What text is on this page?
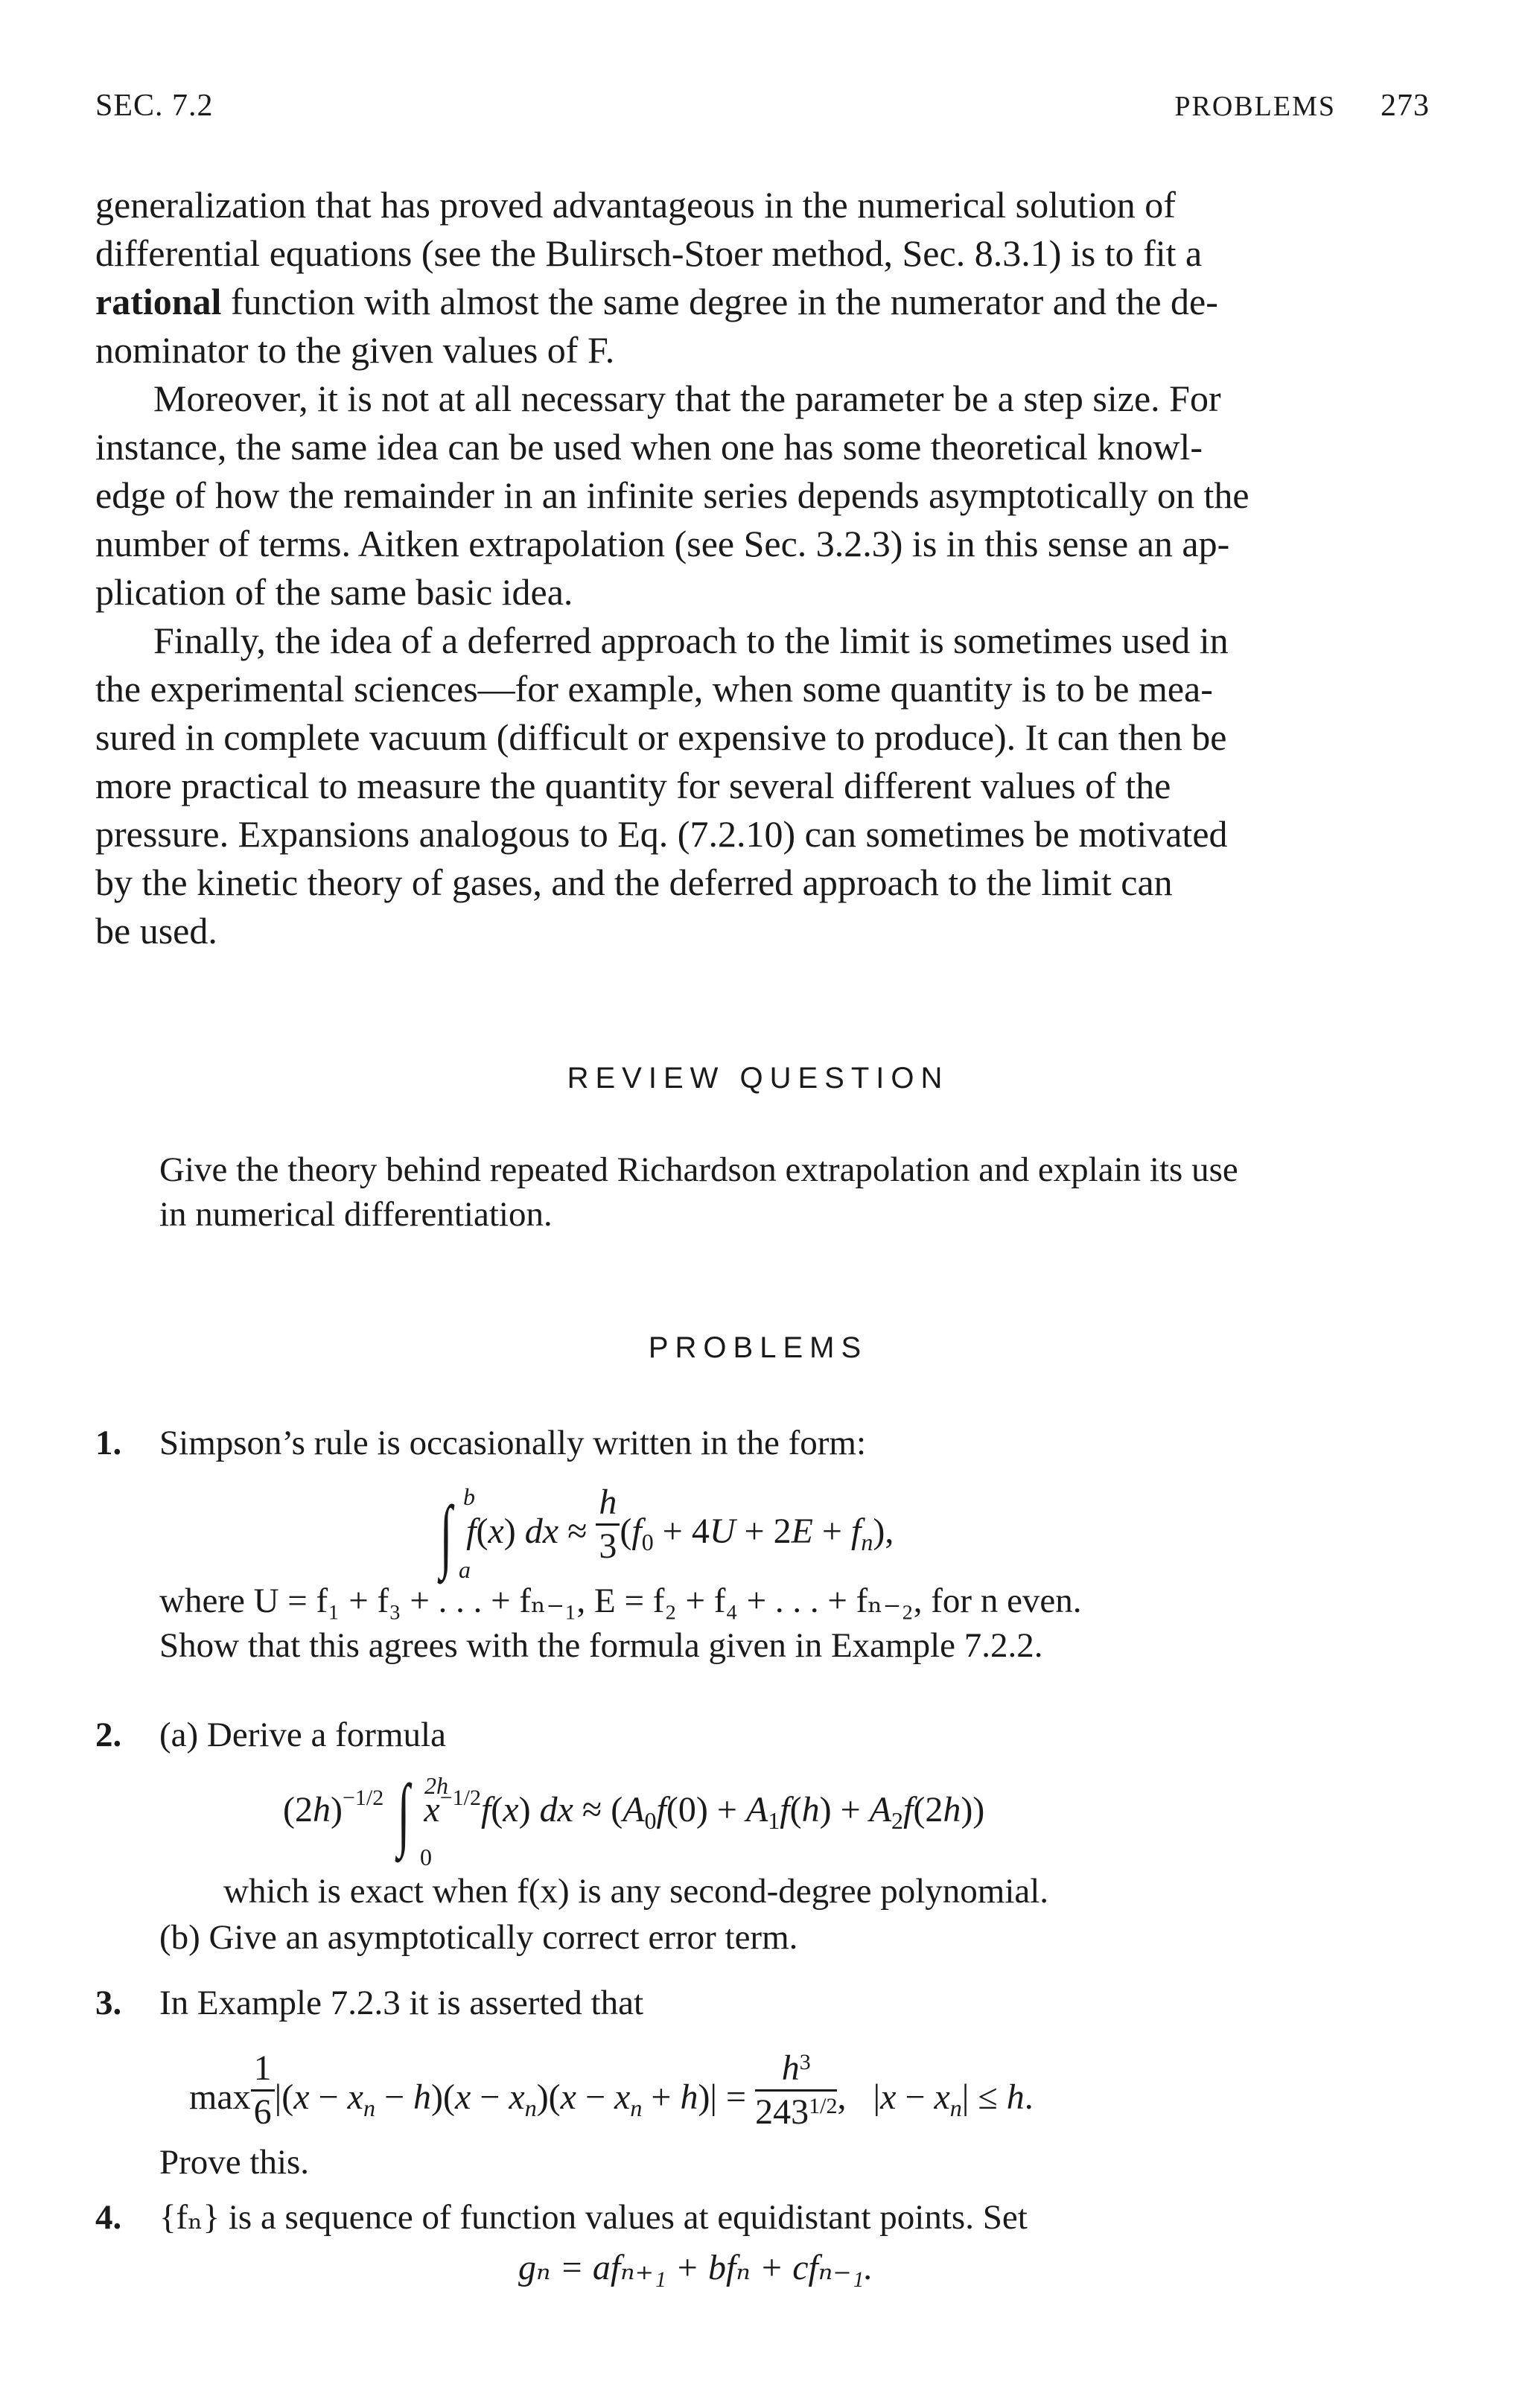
SEC. 7.2	PROBLEMS 273
generalization that has proved advantageous in the numerical solution of
differential equations (see the Bulirsch-Stoer method, Sec. 8.3.1) is to fit a
rational function with almost the same degree in the numerator and the de-
nominator to the given values of F.
Moreover, it is not at all necessary that the parameter be a step size. For
instance, the same idea can be used when one has some theoretical knowl-
edge of how the remainder in an infinite series depends asymptotically on the
number of terms. Aitken extrapolation (see Sec. 3.2.3) is in this sense an ap-
plication of the same basic idea.
Finally, the idea of a deferred approach to the limit is sometimes used in
the experimental sciences—for example, when some quantity is to be mea-
sured in complete vacuum (difficult or expensive to produce). It can then be
more practical to measure the quantity for several different values of the
pressure. Expansions analogous to Eq. (7.2.10) can sometimes be motivated
by the kinetic theory of gases, and the deferred approach to the limit can
be used.
REVIEW QUESTION
Give the theory behind repeated Richardson extrapolation and explain its use
in numerical differentiation.
PROBLEMS
1. Simpson’s rule is occasionally written in the form:
∫ b
a
f(x) dx ≈ $\frac{h}{3} (f_0 + 4U + 2E + f_n)$,
where U = f₁ + f₃ + . . . + fₙ₋₁, E = f₂ + f₄ + . . . + fₙ₋₂, for n even.
Show that this agrees with the formula given in Example 7.2.2.
2. (a) Derive a formula
$(2h)^{-1/2}$ ∫ 2h
0
$x^{-1/2}f(x)$ dx ≈ $(A_0f(0) + A_1f(h) + A_2f(2h))$
which is exact when f(x) is any second-degree polynomial.
(b) Give an asymptotically correct error term.
3. In Example 7.2.3 it is asserted that
$\max \frac{1}{6} |(x - x_n - h)(x - x_n)(x - x_n + h)| = \frac{h^3}{243^{1/2}}$ ,   $|x - x_n| \le h$.
Prove this.
4. {fₙ} is a sequence of function values at equidistant points. Set
gₙ = afₙ₊₁ + bfₙ + cfₙ₋₁.
